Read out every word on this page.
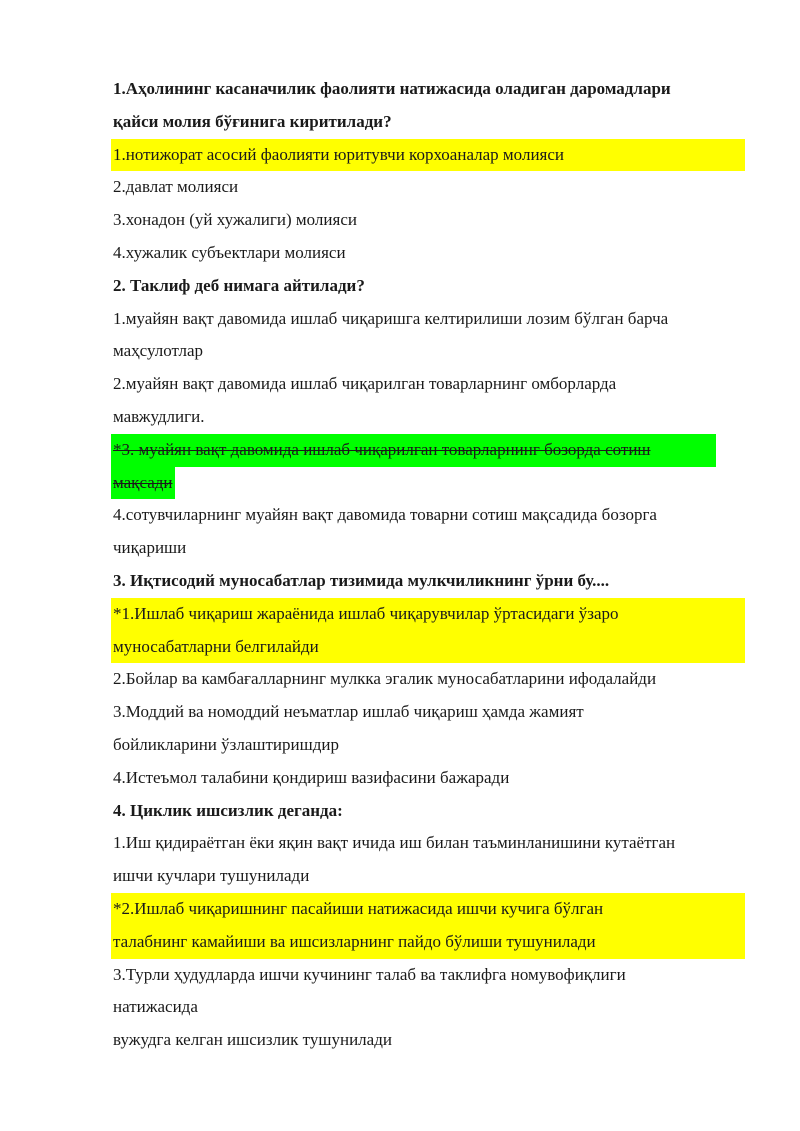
1.Аҳолининг касаначилик фаолияти натижасида оладиган даромадлари
қайси молия бўғинига киритилади?
1.нотижорат асосий фаолияти юритувчи корхоаналар молияси
2.давлат молияси
3.хонадон (уй хужалиги) молияси
4.хужалик субъектлари молияси
2. Таклиф деб нимага айтилади?
1.муайян вақт давомида ишлаб чиқаришга келтирилиши лозим бўлган барча
маҳсулотлар
2.муайян вақт давомида ишлаб чиқарилган товарларнинг омборларда
мавжудлиги.
*3. муайян вақт давомида ишлаб чиқарилган товарларнинг бозорда сотиш
мақсади
4.сотувчиларнинг муайян вақт давомида товарни сотиш мақсадида бозорга
чиқариши
3. Иқтисодий муносабатлар тизимида мулкчиликнинг ўрни бу....
*1.Ишлаб чиқариш жараёнида ишлаб чиқарувчилар ўртасидаги ўзаро
муносабатларни белгилайди
2.Бойлар ва камбағалларнинг мулкка эгалик муносабатларини ифодалайди
3.Моддий ва номоддий неъматлар ишлаб чиқариш ҳамда жамият
бойликларини ўзлаштиришдир
4.Истеъмол талабини қондириш вазифасини бажаради
4. Циклик ишсизлик деганда:
1.Иш қидираётган ёки яқин вақт ичида иш билан таъминланишини кутаётган
ишчи кучлари тушунилади
*2.Ишлаб чиқаришнинг пасайиши натижасида ишчи кучига бўлган
талабнинг камайиши ва ишсизларнинг пайдо бўлиши тушунилади
3.Турли ҳудудларда ишчи кучининг талаб ва таклифга номувофиқлиги
натижасида
вужудга келган ишсизлик тушунилади
